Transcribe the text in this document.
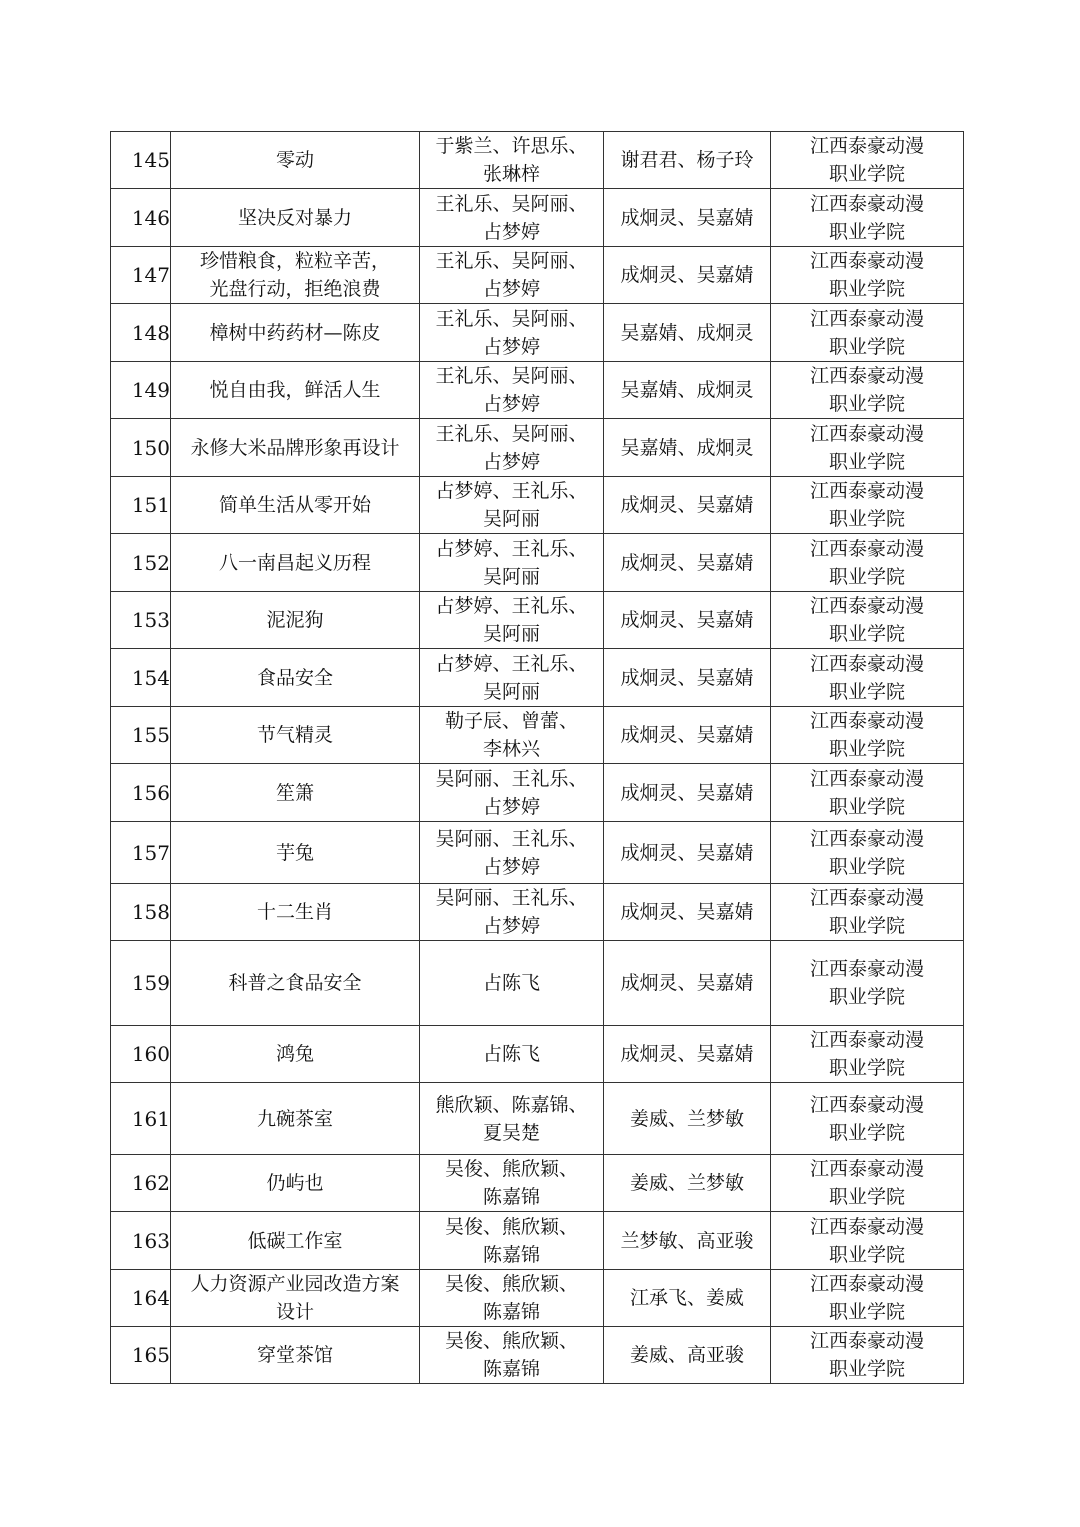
145	零动	于紫兰、许思乐、
张琳梓	谢君君、杨子玲	江西泰豪动漫
职业学院

146	坚决反对暴力	王礼乐、吴阿丽、
占梦婷	成炯灵、吴嘉婧	江西泰豪动漫
职业学院

147	珍惜粮食，粒粒辛苦，
光盘行动，拒绝浪费	王礼乐、吴阿丽、
占梦婷	成炯灵、吴嘉婧	江西泰豪动漫
职业学院

148	樟树中药药材—陈皮	王礼乐、吴阿丽、
占梦婷	吴嘉婧、成炯灵	江西泰豪动漫
职业学院

149	悦自由我，鲜活人生	王礼乐、吴阿丽、
占梦婷	吴嘉婧、成炯灵	江西泰豪动漫
职业学院

150	永修大米品牌形象再设计	王礼乐、吴阿丽、
占梦婷	吴嘉婧、成炯灵	江西泰豪动漫
职业学院

151	简单生活从零开始	占梦婷、王礼乐、
吴阿丽	成炯灵、吴嘉婧	江西泰豪动漫
职业学院

152	八一南昌起义历程	占梦婷、王礼乐、
吴阿丽	成炯灵、吴嘉婧	江西泰豪动漫
职业学院

153	泥泥狗	占梦婷、王礼乐、
吴阿丽	成炯灵、吴嘉婧	江西泰豪动漫
职业学院

154	食品安全	占梦婷、王礼乐、
吴阿丽	成炯灵、吴嘉婧	江西泰豪动漫
职业学院

155	节气精灵	勒子辰、曾蕾、
李林兴	成炯灵、吴嘉婧	江西泰豪动漫
职业学院

156	笙箫	吴阿丽、王礼乐、
占梦婷	成炯灵、吴嘉婧	江西泰豪动漫
职业学院

157	芋兔	吴阿丽、王礼乐、
占梦婷	成炯灵、吴嘉婧	江西泰豪动漫
职业学院

158	十二生肖	吴阿丽、王礼乐、
占梦婷	成炯灵、吴嘉婧	江西泰豪动漫
职业学院

159	科普之食品安全	占陈飞	成炯灵、吴嘉婧	江西泰豪动漫
职业学院

160	鸿兔	占陈飞	成炯灵、吴嘉婧	江西泰豪动漫
职业学院

161	九碗茶室	熊欣颖、陈嘉锦、
夏吴楚	姜威、兰梦敏	江西泰豪动漫
职业学院

162	仍屿也	吴俊、熊欣颖、
陈嘉锦	姜威、兰梦敏	江西泰豪动漫
职业学院

163	低碳工作室	吴俊、熊欣颖、
陈嘉锦	兰梦敏、高亚骏	江西泰豪动漫
职业学院

164	人力资源产业园改造方案
设计	吴俊、熊欣颖、
陈嘉锦	江承飞、姜威	江西泰豪动漫
职业学院

165	穿堂茶馆	吴俊、熊欣颖、
陈嘉锦	姜威、高亚骏	江西泰豪动漫
职业学院
